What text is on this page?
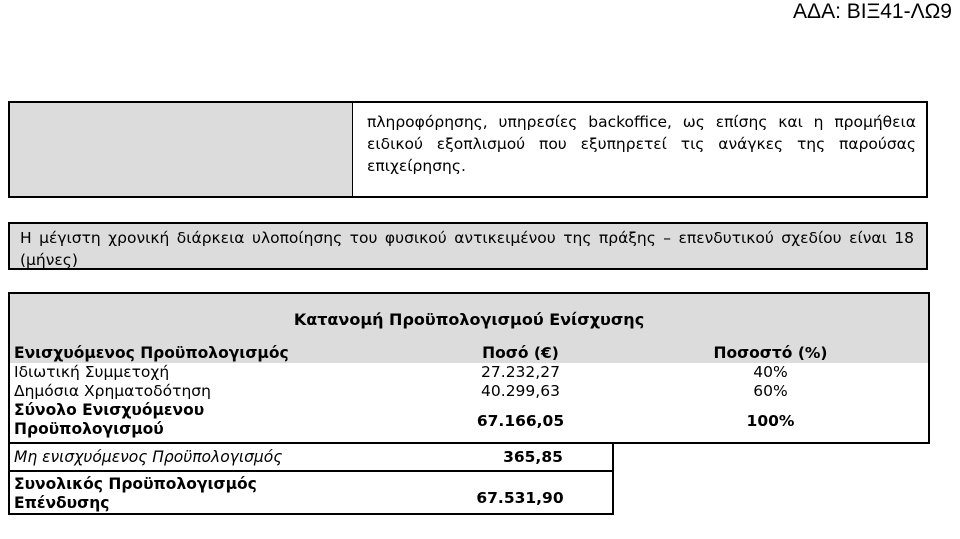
ΑΔΑ: ΒΙΞ41-ΛΩ9
πληροφόρησης, υπηρεσίες backoffice, ως επίσης και η προμήθεια ειδικού εξοπλισμού που εξυπηρετεί τις ανάγκες της παρούσας επιχείρησης.
Η μέγιστη χρονική διάρκεια υλοποίησης του φυσικού αντικειμένου της πράξης – επενδυτικού σχεδίου είναι 18 (μήνες)
Κατανομή Προϋπολογισμού Ενίσχυσης
Ενισχυόμενος Προϋπολογισμός	Ποσό (€)	Ποσοστό (%)
Ιδιωτική Συμμετοχή	27.232,27	40%
Δημόσια Χρηματοδότηση	40.299,63	60%

Σύνολο Ενισχυόμενου Προϋπολογισμού	67.166,05	100%
Μη ενισχυόμενος Προϋπολογισμός	365,85	

Συνολικός Προϋπολογισμός Επένδυσης	67.531,90	
